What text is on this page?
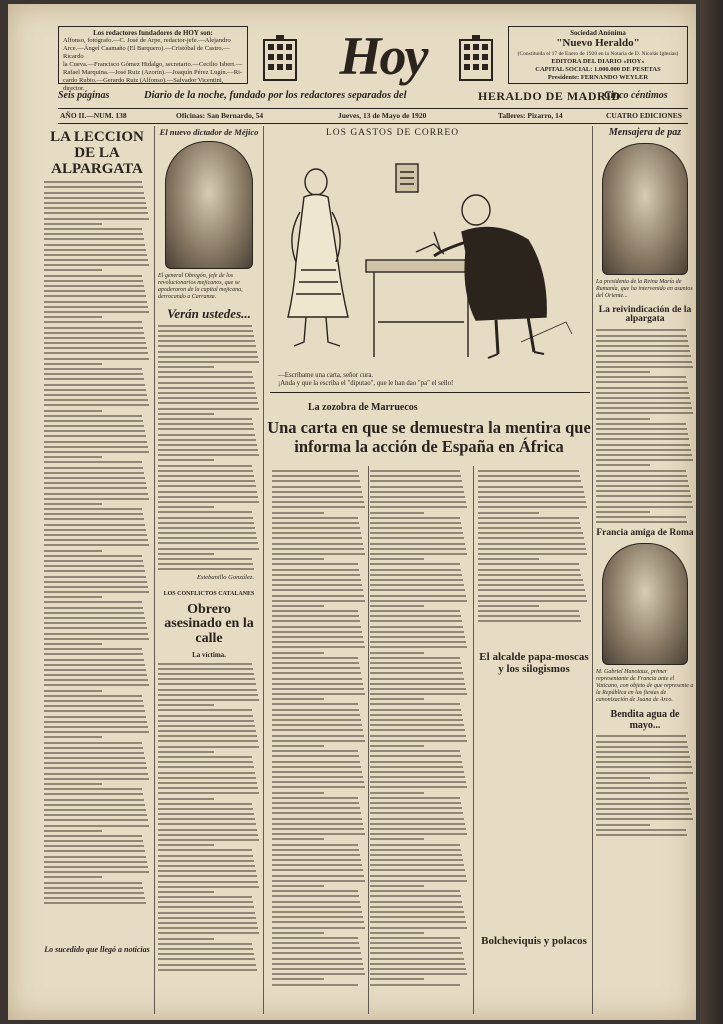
Los redactores fundadores de HOY son:
Alfonso, fotógrafo.—C. José de Arpe, redactor-jefe.—Alejandro
Arce.—Ángel Caamaño (El Barquero).—Cristóbal de Castro.—Ricardo
la Cueva.—Francisco Gómez Hidalgo, secretario.—Cecilio Isbert.—
Rafael Marquina.—José Ruiz (Azorín).—Joaquín Pérez Lugín.—Ri-
cardo Rubio.—Gerardo Ruiz (Alfonso).—Salvador Vicentini, director.
Hoy	Sociedad Anónima
"Nuevo Heraldo"
(Constituida el 17 de Enero de 1920 en la Notaría de D. Nicolás Iglesias)
EDITORA DEL DIARIO «HOY»
CAPITAL SOCIAL: 1.000.000 DE PESETAS
Presidente: FERNANDO WEYLER
Seis páginas	Diario de la noche, fundado por los redactores separados del	HERALDO DE MADRID
Cinco céntimos
AÑO II.—NUM. 138	Oficinas: San Bernardo, 54	Jueves, 13 de Mayo de 1920	Talleres: Pizarro, 14	CUATRO EDICIONES
LA LECCION DE LA ALPARGATA
Lo sucedido que llegó a noticias
El nuevo dictador de Méjico
El general Obregón, jefe de los revolucionarios mejicanos, que se apoderaron de la capital mejicana, derrocando a Carranza.
Verán ustedes...
Estebanillo González.
LOS CONFLICTOS CATALANES
Obrero asesinado en la calle
La víctima.
LOS GASTOS DE CORREO
—Escríbame una carta, señor cura.
¡Anda y que la escriba el "diputao", que le han dao "pa" el sello!
La zozobra de Marruecos
Una carta en que se demuestra la mentira que informa la acción de España en África
El alcalde papa-moscas y los silogismos
Bolcheviquis y polacos
Mensajera de paz
La presidenta de la Reina María de Rumanía, que ha intervenido en asuntos del Oriente...
La reivindicación de la alpargata
Francia amiga de Roma
M. Gabriel Hanotaux, primer representante de Francia ante el Vaticano, con objeto de que represente a la República en las fiestas de canonización de Juana de Arco.
Bendita agua de mayo...
